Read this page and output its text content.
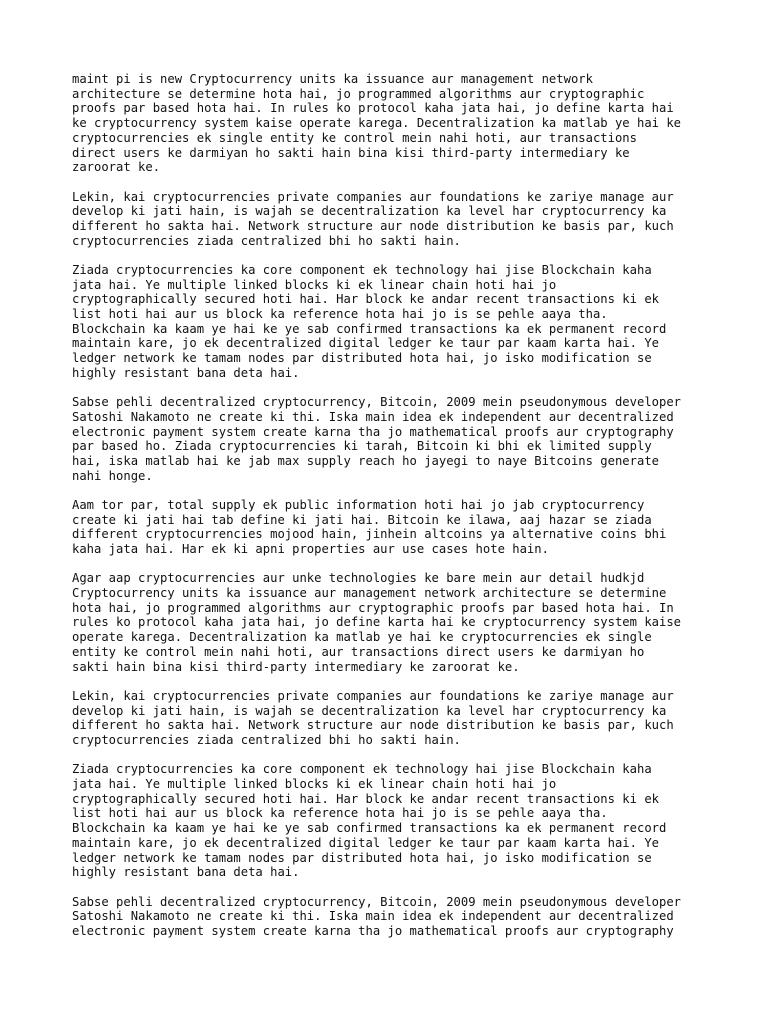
maint pi is new Cryptocurrency units ka issuance aur management network
architecture se determine hota hai, jo programmed algorithms aur cryptographic
proofs par based hota hai. In rules ko protocol kaha jata hai, jo define karta hai
ke cryptocurrency system kaise operate karega. Decentralization ka matlab ye hai ke
cryptocurrencies ek single entity ke control mein nahi hoti, aur transactions
direct users ke darmiyan ho sakti hain bina kisi third-party intermediary ke
zaroorat ke.

Lekin, kai cryptocurrencies private companies aur foundations ke zariye manage aur
develop ki jati hain, is wajah se decentralization ka level har cryptocurrency ka
different ho sakta hai. Network structure aur node distribution ke basis par, kuch
cryptocurrencies ziada centralized bhi ho sakti hain.

Ziada cryptocurrencies ka core component ek technology hai jise Blockchain kaha
jata hai. Ye multiple linked blocks ki ek linear chain hoti hai jo
cryptographically secured hoti hai. Har block ke andar recent transactions ki ek
list hoti hai aur us block ka reference hota hai jo is se pehle aaya tha.
Blockchain ka kaam ye hai ke ye sab confirmed transactions ka ek permanent record
maintain kare, jo ek decentralized digital ledger ke taur par kaam karta hai. Ye
ledger network ke tamam nodes par distributed hota hai, jo isko modification se
highly resistant bana deta hai.

Sabse pehli decentralized cryptocurrency, Bitcoin, 2009 mein pseudonymous developer
Satoshi Nakamoto ne create ki thi. Iska main idea ek independent aur decentralized
electronic payment system create karna tha jo mathematical proofs aur cryptography
par based ho. Ziada cryptocurrencies ki tarah, Bitcoin ki bhi ek limited supply
hai, iska matlab hai ke jab max supply reach ho jayegi to naye Bitcoins generate
nahi honge.

Aam tor par, total supply ek public information hoti hai jo jab cryptocurrency
create ki jati hai tab define ki jati hai. Bitcoin ke ilawa, aaj hazar se ziada
different cryptocurrencies mojood hain, jinhein altcoins ya alternative coins bhi
kaha jata hai. Har ek ki apni properties aur use cases hote hain.

Agar aap cryptocurrencies aur unke technologies ke bare mein aur detail hudkjd
Cryptocurrency units ka issuance aur management network architecture se determine
hota hai, jo programmed algorithms aur cryptographic proofs par based hota hai. In
rules ko protocol kaha jata hai, jo define karta hai ke cryptocurrency system kaise
operate karega. Decentralization ka matlab ye hai ke cryptocurrencies ek single
entity ke control mein nahi hoti, aur transactions direct users ke darmiyan ho
sakti hain bina kisi third-party intermediary ke zaroorat ke.

Lekin, kai cryptocurrencies private companies aur foundations ke zariye manage aur
develop ki jati hain, is wajah se decentralization ka level har cryptocurrency ka
different ho sakta hai. Network structure aur node distribution ke basis par, kuch
cryptocurrencies ziada centralized bhi ho sakti hain.

Ziada cryptocurrencies ka core component ek technology hai jise Blockchain kaha
jata hai. Ye multiple linked blocks ki ek linear chain hoti hai jo
cryptographically secured hoti hai. Har block ke andar recent transactions ki ek
list hoti hai aur us block ka reference hota hai jo is se pehle aaya tha.
Blockchain ka kaam ye hai ke ye sab confirmed transactions ka ek permanent record
maintain kare, jo ek decentralized digital ledger ke taur par kaam karta hai. Ye
ledger network ke tamam nodes par distributed hota hai, jo isko modification se
highly resistant bana deta hai.

Sabse pehli decentralized cryptocurrency, Bitcoin, 2009 mein pseudonymous developer
Satoshi Nakamoto ne create ki thi. Iska main idea ek independent aur decentralized
electronic payment system create karna tha jo mathematical proofs aur cryptography
